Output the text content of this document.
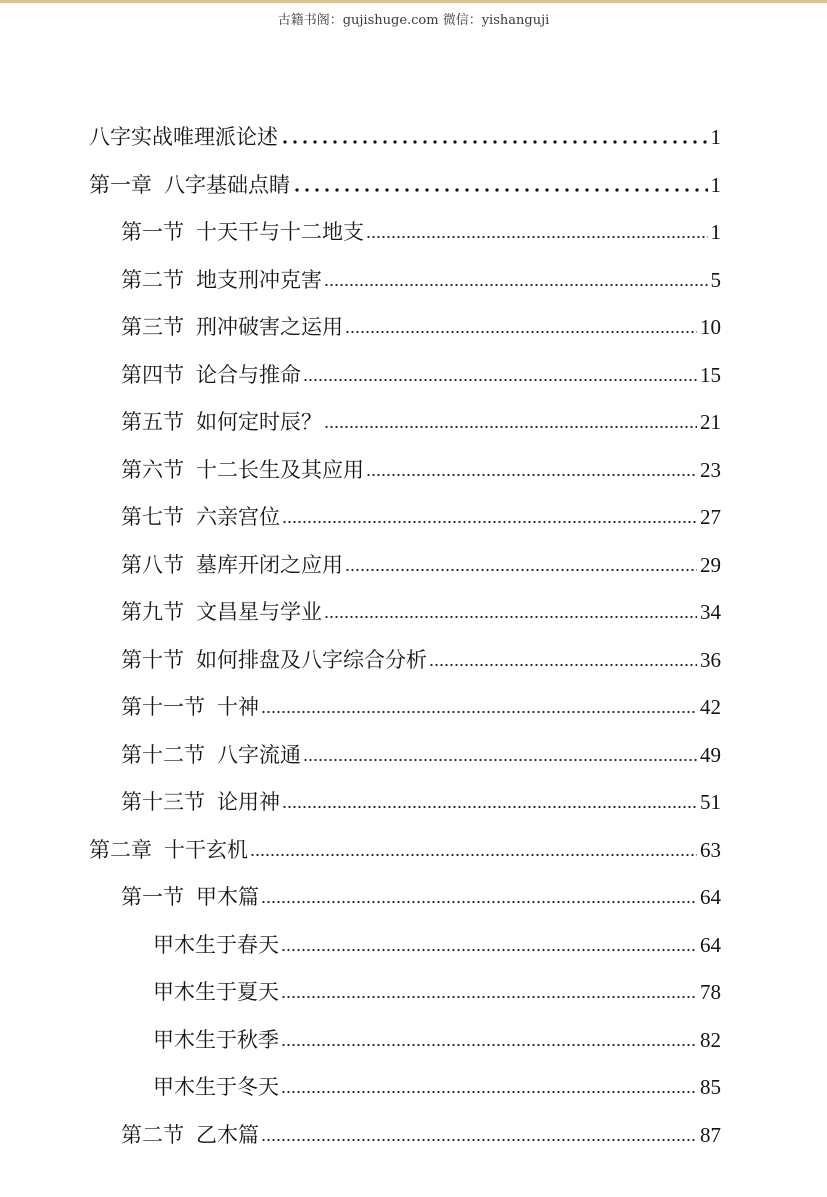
古籍书阁：gujishuge.com 微信：yishanguji
八字实战唯理派论述	1
第一章 八字基础点睛	1
第一节 十天干与十二地支	1
第二节 地支刑冲克害	5
第三节 刑冲破害之运用	10
第四节 论合与推命	15
第五节 如何定时辰？	21
第六节 十二长生及其应用	23
第七节 六亲宫位	27
第八节 墓库开闭之应用	29
第九节 文昌星与学业	34
第十节 如何排盘及八字综合分析	36
第十一节 十神	42
第十二节 八字流通	49
第十三节 论用神	51
第二章 十干玄机	63
第一节 甲木篇	64
甲木生于春天	64
甲木生于夏天	78
甲木生于秋季	82
甲木生于冬天	85
第二节 乙木篇	87
